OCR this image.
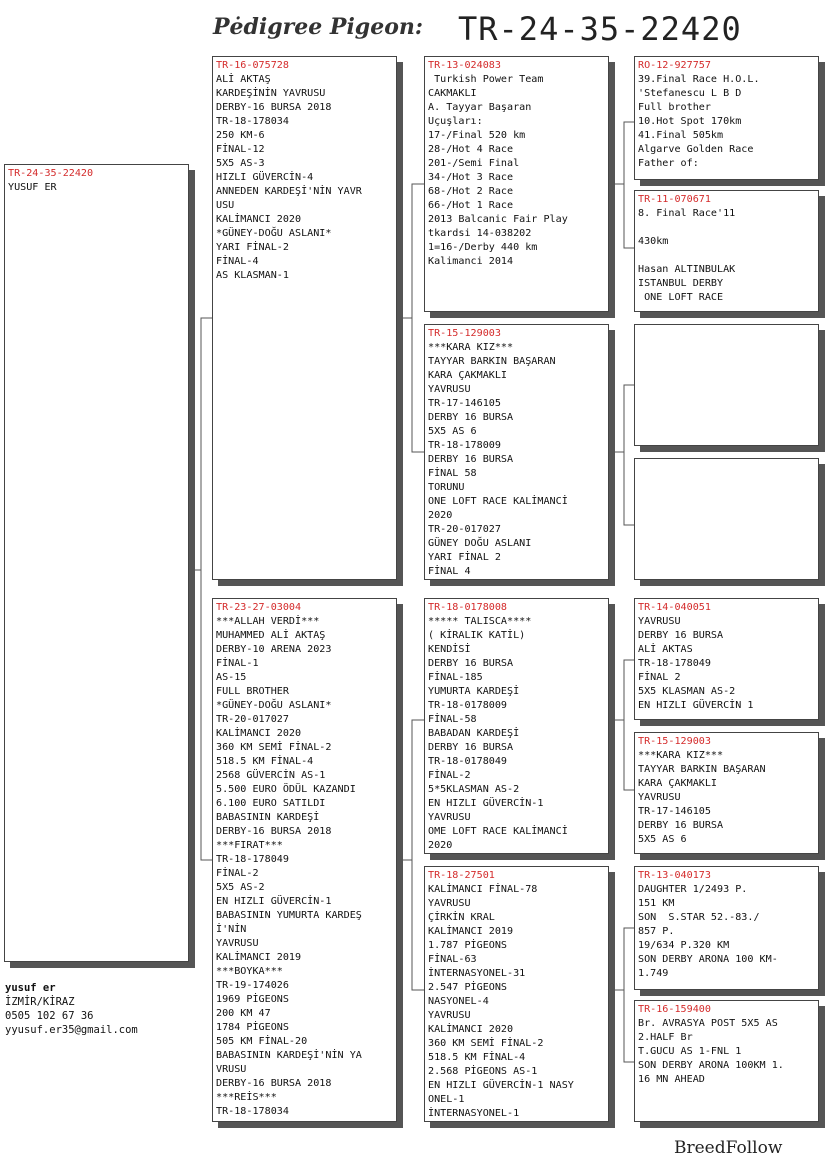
Pėdigree Pigeon: TR-24-35-22420
TR-24-35-22420
YUSUF ER
TR-16-075728
ALİ AKTAŞ
KARDEŞİNİN YAVRUSU
DERBY-16 BURSA 2018
TR-18-178034
250 KM-6
FİNAL-12
5X5 AS-3
HIZLI GÜVERCİN-4
ANNEDEN KARDEŞİ'NİN YAVR
USU
KALİMANCI 2020
*GÜNEY-DOĞU ASLANI*
YARI FİNAL-2
FİNAL-4
AS KLASMAN-1
TR-23-27-03004
***ALLAH VERDİ***
MUHAMMED ALİ AKTAŞ
DERBY-10 ARENA 2023
FİNAL-1
AS-15
FULL BROTHER
*GÜNEY-DOĞU ASLANI*
TR-20-017027
KALİMANCI 2020
360 KM SEMİ FİNAL-2
518.5 KM FİNAL-4
2568 GÜVERCİN AS-1
5.500 EURO ÖDÜL KAZANDI
6.100 EURO SATILDI
BABASININ KARDEŞİ
DERBY-16 BURSA 2018
***FIRAT***
TR-18-178049
FİNAL-2
5X5 AS-2
EN HIZLI GÜVERCİN-1
BABASININ YUMURTA KARDEŞ
İ'NİN
YAVRUSU
KALİMANCI 2019
***BOYKA***
TR-19-174026
1969 PİGEONS
200 KM 47
1784 PİGEONS
505 KM FİNAL-20
BABASININ KARDEŞİ'NİN YA
VRUSU
DERBY-16 BURSA 2018
***REİS***
TR-18-178034
TR-13-024083
Turkish Power Team
CAKMAKLI
A. Tayyar Başaran
Uçuşları:
17-/Final 520 km
28-/Hot 4 Race
201-/Semi Final
34-/Hot 3 Race
68-/Hot 2 Race
66-/Hot 1 Race
2013 Balcanic Fair Play
tkardsi 14-038202
1=16-/Derby 440 km
Kalimanci 2014
TR-15-129003
***KARA KIZ***
TAYYAR BARKIN BAŞARAN
KARA ÇAKMAKLI
YAVRUSU
TR-17-146105
DERBY 16 BURSA
5X5 AS 6
TR-18-178009
DERBY 16 BURSA
FİNAL 58
TORUNU
ONE LOFT RACE KALİMANCİ
2020
TR-20-017027
GÜNEY DOĞU ASLANI
YARI FİNAL 2
FİNAL 4
TR-18-0178008
***** TALISCA****
( KİRALIK KATİL)
KENDİSİ
DERBY 16 BURSA
FİNAL-185
YUMURTA KARDEŞİ
TR-18-0178009
FİNAL-58
BABADAN KARDEŞİ
DERBY 16 BURSA
TR-18-0178049
FİNAL-2
5*5KLASMAN AS-2
EN HIZLI GÜVERCİN-1
YAVRUSU
OME LOFT RACE KALİMANCİ
2020
TR-18-27501
KALİMANCI FİNAL-78
YAVRUSU
ÇİRKİN KRAL
KALİMANCI 2019
1.787 PİGEONS
FİNAL-63
İNTERNASYONEL-31
2.547 PİGEONS
NASYONEL-4
YAVRUSU
KALİMANCI 2020
360 KM SEMİ FİNAL-2
518.5 KM FİNAL-4
2.568 PİGEONS AS-1
EN HIZLI GÜVERCİN-1 NASY
ONEL-1
İNTERNASYONEL-1
RO-12-927757
39.Final Race H.O.L.
'Stefanescu L B D
Full brother
10.Hot Spot 170km
41.Final 505km
Algarve Golden Race
Father of:
TR-11-070671
8. Final Race'11

430km

Hasan ALTINBULAK
ISTANBUL DERBY
ONE LOFT RACE
TR-14-040051
YAVRUSU
DERBY 16 BURSA
ALİ AKTAS
TR-18-178049
FİNAL 2
5X5 KLASMAN AS-2
EN HIZLI GÜVERCİN 1
TR-15-129003
***KARA KIZ***
TAYYAR BARKIN BAŞARAN
KARA ÇAKMAKLI
YAVRUSU
TR-17-146105
DERBY 16 BURSA
5X5 AS 6
TR-13-040173
DAUGHTER 1/2493 P.
151 KM
SON  S.STAR 52.-83./
857 P.
19/634 P.320 KM
SON DERBY ARONA 100 KM-
1.749
TR-16-159400
Br. AVRASYA POST 5X5 AS
2.HALF Br
T.GUCU AS 1-FNL 1
SON DERBY ARONA 100KM 1.
16 MN AHEAD
yusuf er
İZMİR/KİRAZ
0505 102 67 36
yyusuf.er35@gmail.com
BreedFollow
